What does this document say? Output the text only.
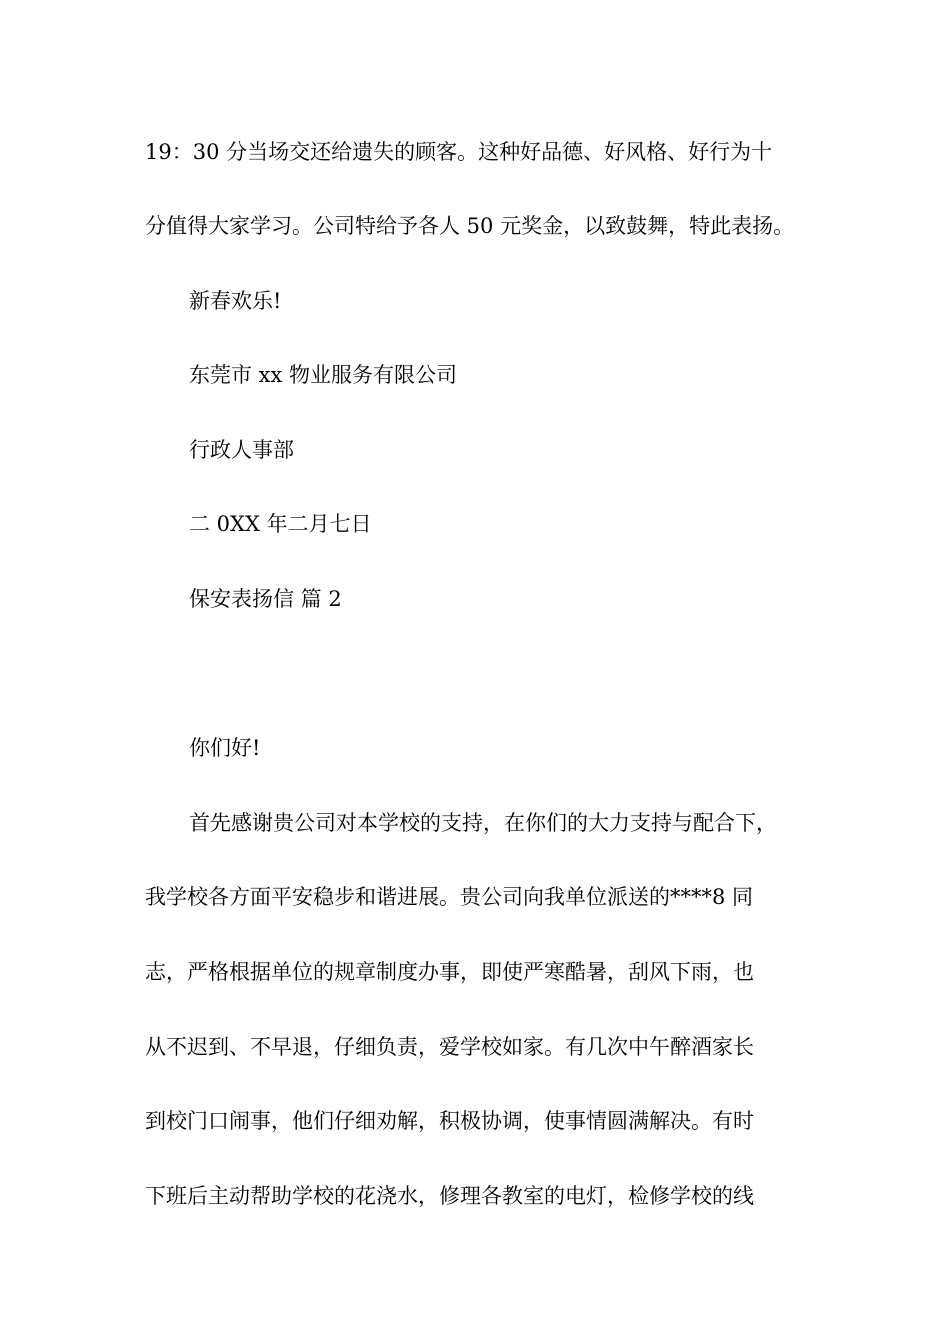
19：30 分当场交还给遗失的顾客。这种好品德、好风格、好行为十
分值得大家学习。公司特给予各人 50 元奖金，以致鼓舞，特此表扬。
新春欢乐!
东莞市 xx 物业服务有限公司
行政人事部
二 0XX 年二月七日
保安表扬信 篇 2
你们好!
首先感谢贵公司对本学校的支持，在你们的大力支持与配合下，
我学校各方面平安稳步和谐进展。贵公司向我单位派送的****8 同
志，严格根据单位的规章制度办事，即使严寒酷暑，刮风下雨，也
从不迟到、不早退，仔细负责，爱学校如家。有几次中午醉酒家长
到校门口闹事，他们仔细劝解，积极协调，使事情圆满解决。有时
下班后主动帮助学校的花浇水，修理各教室的电灯，检修学校的线
